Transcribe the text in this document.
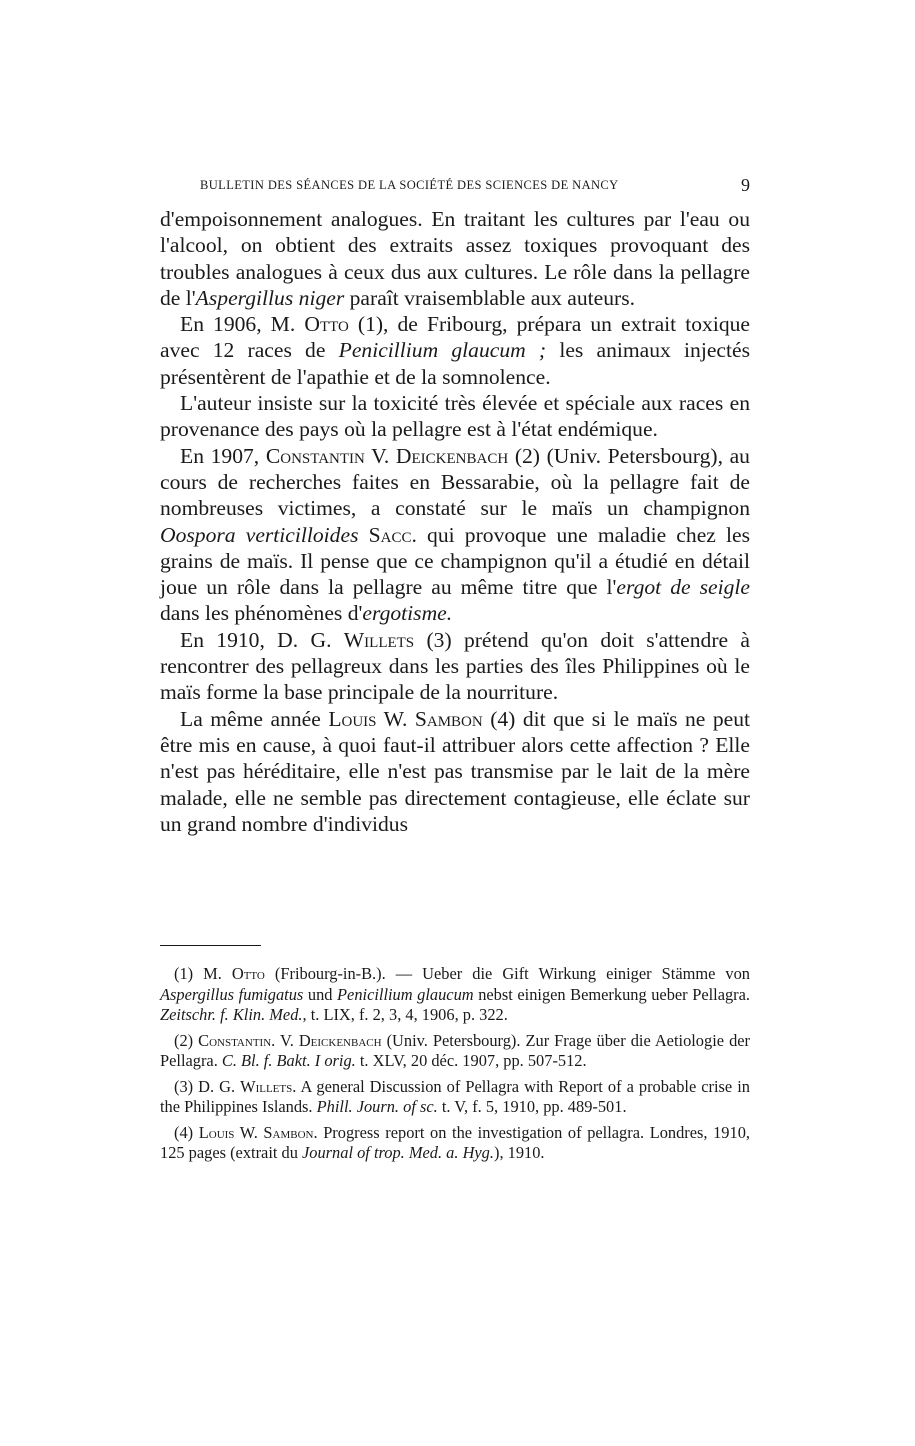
BULLETIN DES SÉANCES DE LA SOCIÉTÉ DES SCIENCES DE NANCY	9

d'empoisonnement analogues. En traitant les cultures par l'eau ou l'alcool, on obtient des extraits assez toxiques provoquant des troubles analogues à ceux dus aux cultures. Le rôle dans la pellagre de l'Aspergillus niger paraît vraisemblable aux auteurs.

En 1906, M. Otto (1), de Fribourg, prépara un extrait toxique avec 12 races de Penicillium glaucum ; les animaux injectés présentèrent de l'apathie et de la somnolence.

L'auteur insiste sur la toxicité très élevée et spéciale aux races en provenance des pays où la pellagre est à l'état endémique.

En 1907, Constantin V. Deickenbach (2) (Univ. Petersbourg), au cours de recherches faites en Bessarabie, où la pellagre fait de nombreuses victimes, a constaté sur le maïs un champignon Oospora verticilloides Sacc. qui provoque une maladie chez les grains de maïs. Il pense que ce champignon qu'il a étudié en détail joue un rôle dans la pellagre au même titre que l'ergot de seigle dans les phénomènes d'ergotisme.

En 1910, D. G. Willets (3) prétend qu'on doit s'attendre à rencontrer des pellagreux dans les parties des îles Philippines où le maïs forme la base principale de la nourriture.

La même année Louis W. Sambon (4) dit que si le maïs ne peut être mis en cause, à quoi faut-il attribuer alors cette affection ? Elle n'est pas héréditaire, elle n'est pas transmise par le lait de la mère malade, elle ne semble pas directement contagieuse, elle éclate sur un grand nombre d'individus

(1) M. Otto (Fribourg-in-B.). — Ueber die Gift Wirkung einiger Stämme von Aspergillus fumigatus und Penicillium glaucum nebst einigen Bemerkung ueber Pellagra. Zeitschr. f. Klin. Med., t. LIX, f. 2, 3, 4, 1906, p. 322.

(2) Constantin. V. Deickenbach (Univ. Petersbourg). Zur Frage über die Aetiologie der Pellagra. C. Bl. f. Bakt. I orig. t. XLV, 20 déc. 1907, pp. 507-512.

(3) D. G. Willets. A general Discussion of Pellagra with Report of a probable crise in the Philippines Islands. Phill. Journ. of sc. t. V, f. 5, 1910, pp. 489-501.

(4) Louis W. Sambon. Progress report on the investigation of pellagra. Londres, 1910, 125 pages (extrait du Journal of trop. Med. a. Hyg.), 1910.
